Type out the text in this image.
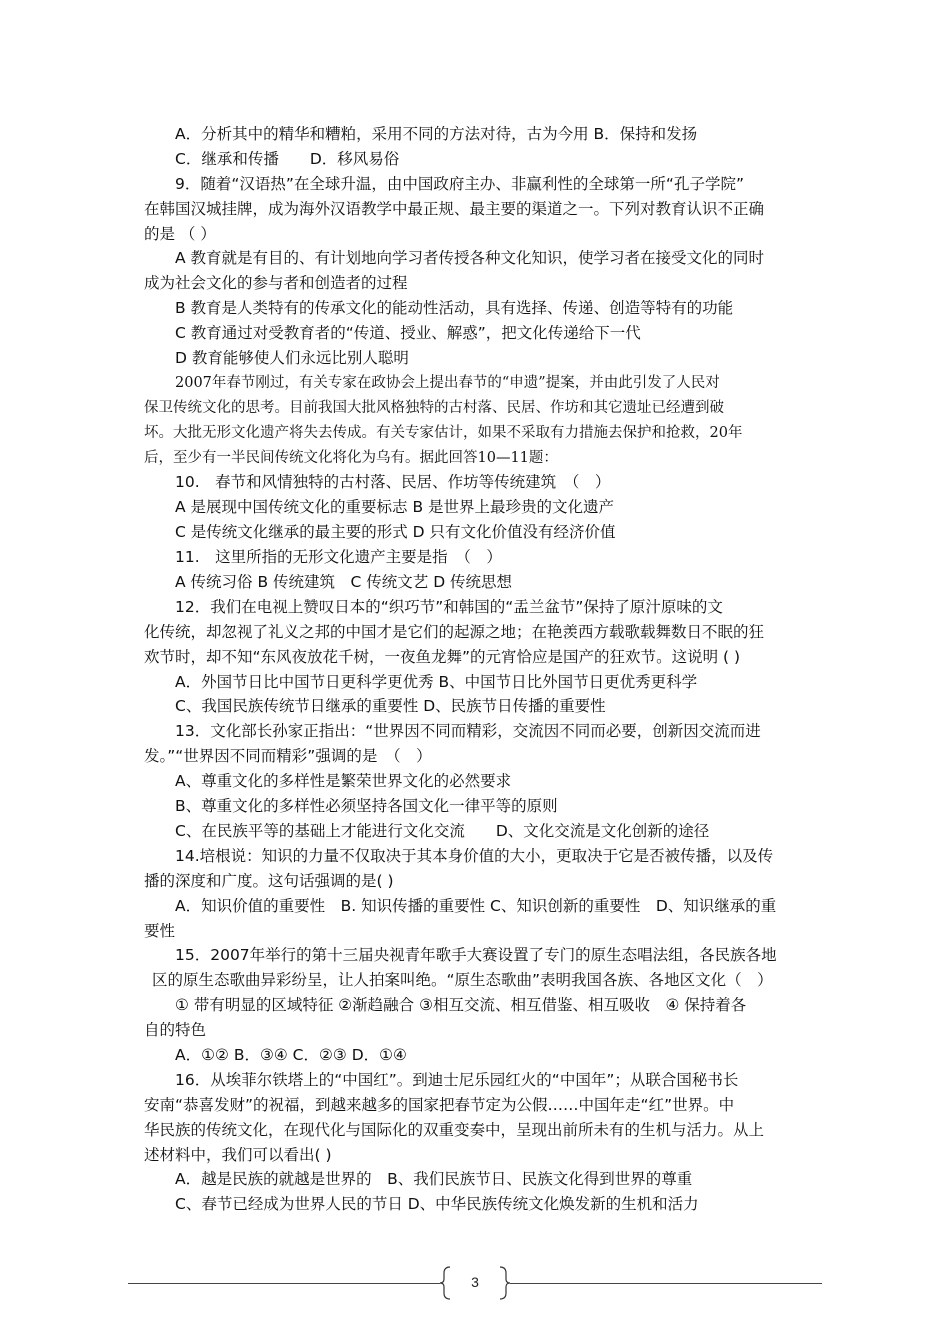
A．分析其中的精华和糟粕，采用不同的方法对待，古为今用 B．保持和发扬
C．继承和传播　　D．移风易俗
9．随着“汉语热”在全球升温，由中国政府主办、非赢利性的全球第一所“孔子学院”
在韩国汉城挂牌，成为海外汉语教学中最正规、最主要的渠道之一。下列对教育认识不正确
的是 （ ）
A 教育就是有目的、有计划地向学习者传授各种文化知识，使学习者在接受文化的同时
成为社会文化的参与者和创造者的过程
B 教育是人类特有的传承文化的能动性活动，具有选择、传递、创造等特有的功能
C 教育通过对受教育者的“传道、授业、解惑”，把文化传递给下一代
D 教育能够使人们永远比别人聪明
2007年春节刚过，有关专家在政协会上提出春节的“申遗”提案，并由此引发了人民对
保卫传统文化的思考。目前我国大批风格独特的古村落、民居、作坊和其它遗址已经遭到破
坏。大批无形文化遗产将失去传成。有关专家估计，如果不采取有力措施去保护和抢救，20年
后，至少有一半民间传统文化将化为乌有。据此回答10—11题：
10.　春节和风情独特的古村落、民居、作坊等传统建筑　（　）
A 是展现中国传统文化的重要标志 B 是世界上最珍贵的文化遗产
C 是传统文化继承的最主要的形式 D 只有文化价值没有经济价值
11.　这里所指的无形文化遗产主要是指　（　）
A 传统习俗 B 传统建筑　C 传统文艺 D 传统思想
12．我们在电视上赞叹日本的“织巧节”和韩国的“盂兰盆节”保持了原汁原味的文
化传统，却忽视了礼义之邦的中国才是它们的起源之地；在艳羡西方载歌载舞数日不眠的狂
欢节时，却不知“东风夜放花千树，一夜鱼龙舞”的元宵恰应是国产的狂欢节。这说明 ( )
A．外国节日比中国节日更科学更优秀 B、中国节日比外国节日更优秀更科学
C、我国民族传统节日继承的重要性 D、民族节日传播的重要性
13．文化部长孙家正指出：“世界因不同而精彩，交流因不同而必要，创新因交流而进
发。”“世界因不同而精彩”强调的是　（　）
A、尊重文化的多样性是繁荣世界文化的必然要求
B、尊重文化的多样性必须坚持各国文化一律平等的原则
C、在民族平等的基础上才能进行文化交流　　D、文化交流是文化创新的途径
14.培根说：知识的力量不仅取决于其本身价值的大小，更取决于它是否被传播，以及传
播的深度和广度。这句话强调的是( )
A．知识价值的重要性　B. 知识传播的重要性 C、知识创新的重要性　D、知识继承的重
要性
15．2007年举行的第十三届央视青年歌手大赛设置了专门的原生态唱法组，各民族各地
区的原生态歌曲异彩纷呈，让人拍案叫绝。“原生态歌曲”表明我国各族、各地区文化（　）
① 带有明显的区域特征 ②渐趋融合 ③相互交流、相互借鉴、相互吸收　④ 保持着各
自的特色
A．①② B．③④ C．②③ D．①④
16．从埃菲尔铁塔上的“中国红”。到迪士尼乐园红火的“中国年”；从联合国秘书长
安南“恭喜发财”的祝福，到越来越多的国家把春节定为公假……中国年走“红”世界。中
华民族的传统文化，在现代化与国际化的双重变奏中，呈现出前所未有的生机与活力。从上
述材料中，我们可以看出( )
A．越是民族的就越是世界的　B、我们民族节日、民族文化得到世界的尊重
C、春节已经成为世界人民的节日 D、中华民族传统文化焕发新的生机和活力
3
